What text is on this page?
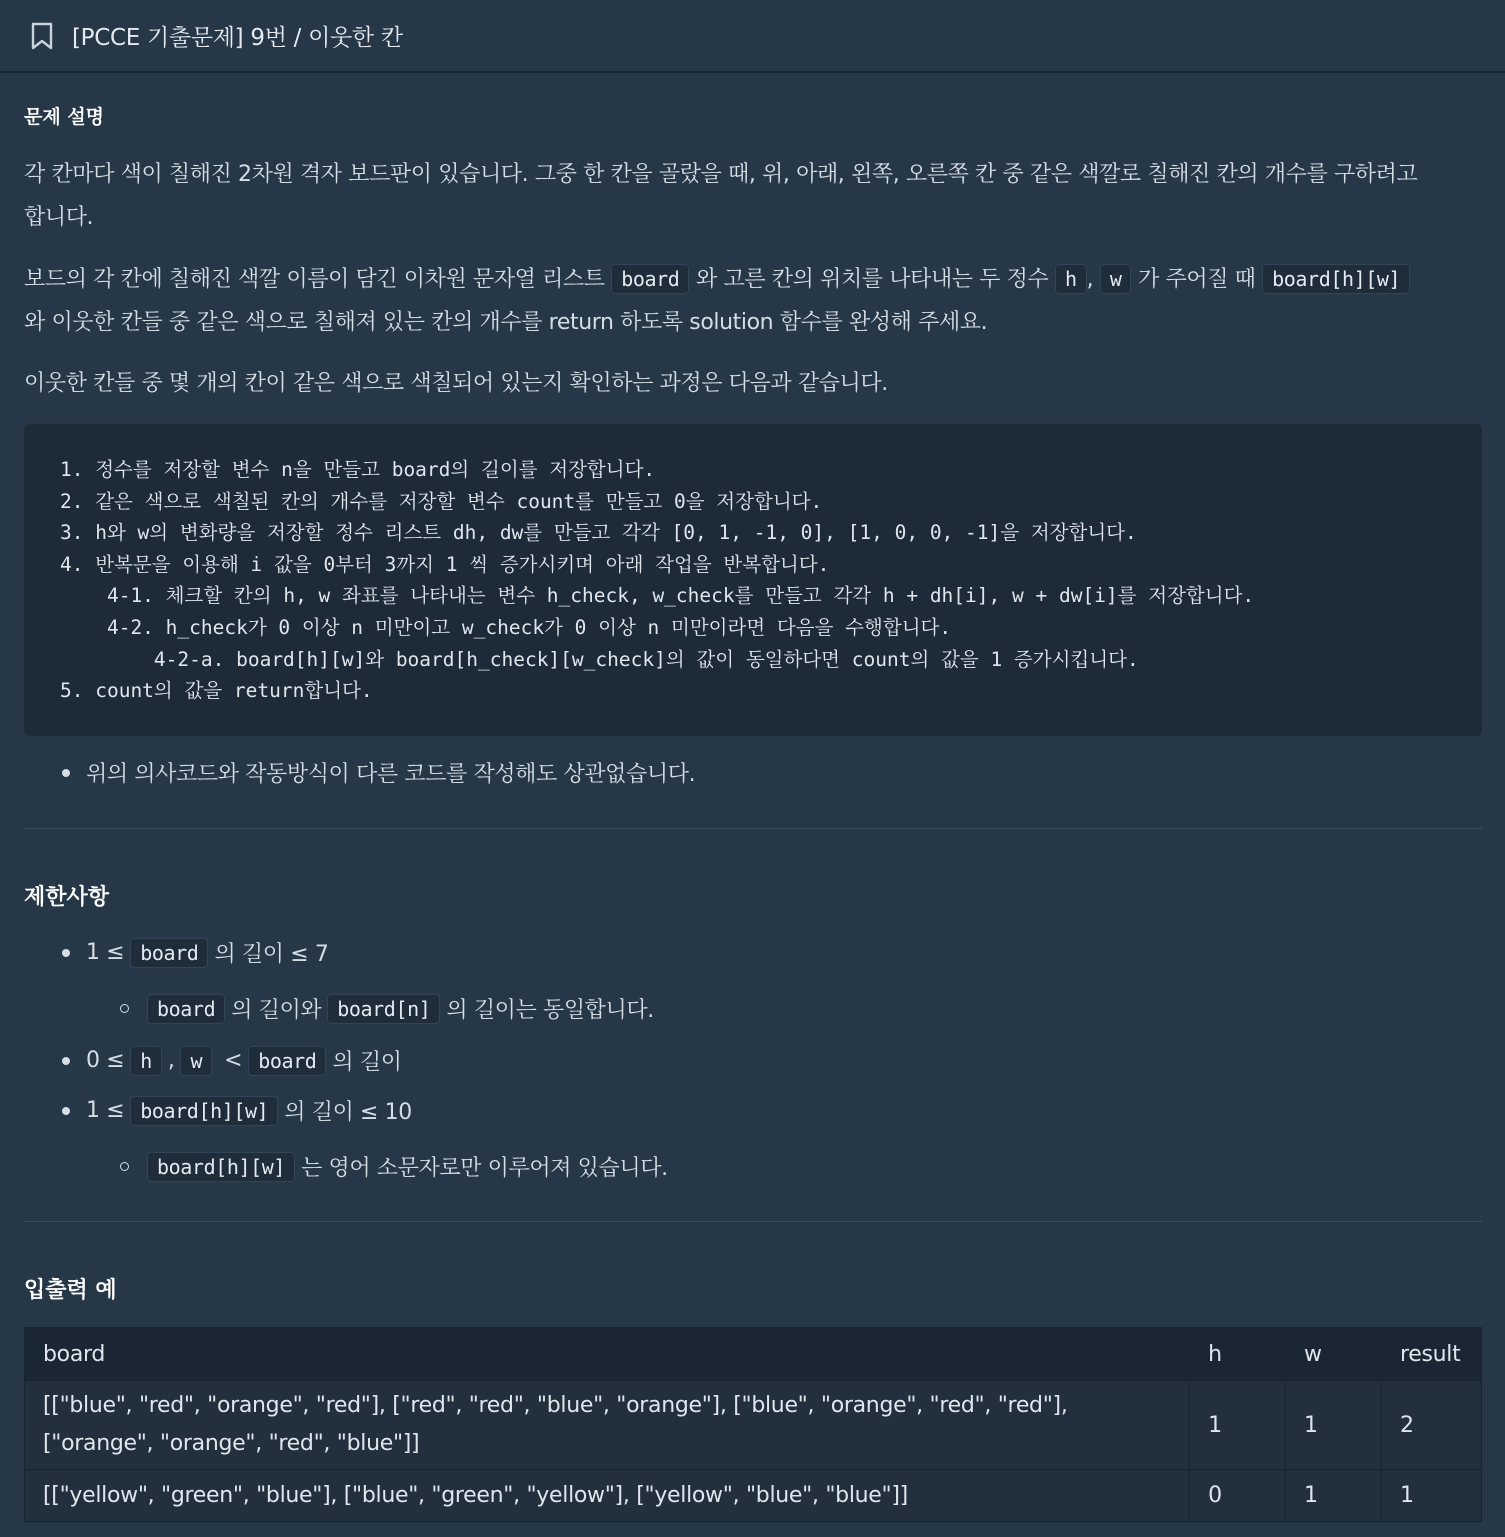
[PCCE 기출문제] 9번 / 이웃한 칸
문제 설명

각 칸마다 색이 칠해진 2차원 격자 보드판이 있습니다. 그중 한 칸을 골랐을 때, 위, 아래, 왼쪽, 오른쪽 칸 중 같은 색깔로 칠해진 칸의 개수를 구하려고

합니다.

보드의 각 칸에 칠해진 색깔 이름이 담긴 이차원 문자열 리스트 board 와 고른 칸의 위치를 나타내는 두 정수 h , w 가 주어질 때 board[h][w]

와 이웃한 칸들 중 같은 색으로 칠해져 있는 칸의 개수를 return 하도록 solution 함수를 완성해 주세요.

이웃한 칸들 중 몇 개의 칸이 같은 색으로 색칠되어 있는지 확인하는 과정은 다음과 같습니다.

1. 정수를 저장할 변수 n을 만들고 board의 길이를 저장합니다.
2. 같은 색으로 색칠된 칸의 개수를 저장할 변수 count를 만들고 0을 저장합니다.
3. h와 w의 변화량을 저장할 정수 리스트 dh, dw를 만들고 각각 [0, 1, -1, 0], [1, 0, 0, -1]을 저장합니다.
4. 반복문을 이용해 i 값을 0부터 3까지 1 씩 증가시키며 아래 작업을 반복합니다.
4-1. 체크할 칸의 h, w 좌표를 나타내는 변수 h_check, w_check를 만들고 각각 h + dh[i], w + dw[i]를 저장합니다.
4-2. h_check가 0 이상 n 미만이고 w_check가 0 이상 n 미만이라면 다음을 수행합니다.
4-2-a. board[h][w]와 board[h_check][w_check]의 값이 동일하다면 count의 값을 1 증가시킵니다.
5. count의 값을 return합니다.
위의 의사코드와 작동방식이 다른 코드를 작성해도 상관없습니다.
제한사항
1 ≤ board 의 길이 ≤ 7
board 의 길이와 board[n] 의 길이는 동일합니다.
0 ≤ h , w	< board 의 길이
1 ≤ board[h][w] 의 길이 ≤ 10
board[h][w] 는 영어 소문자로만 이루어져 있습니다.
입출력 예
board	h	w	result

[["blue", "red", "orange", "red"], ["red", "red", "blue", "orange"], ["blue", "orange", "red", "red"],
["orange", "orange", "red", "blue"]]	1	1	2
[["yellow", "green", "blue"], ["blue", "green", "yellow"], ["yellow", "blue", "blue"]]	0	1	1
